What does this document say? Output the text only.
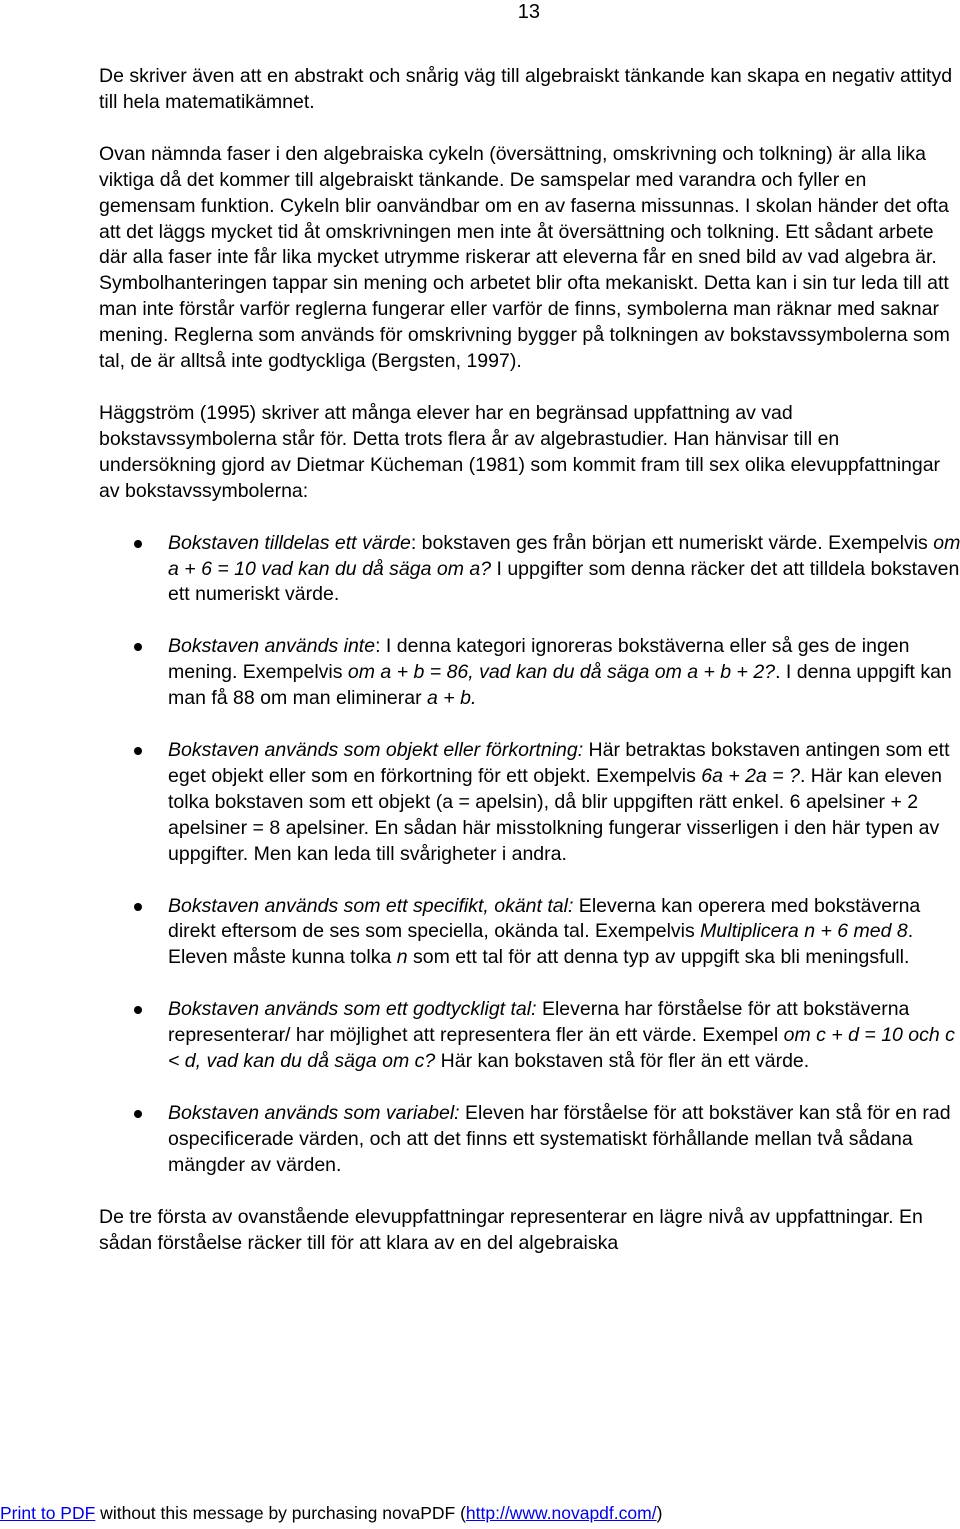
13

De skriver även att en abstrakt och snårig väg till algebraiskt tänkande kan skapa en negativ attityd till hela matematikämnet.

Ovan nämnda faser i den algebraiska cykeln (översättning, omskrivning och tolkning) är alla lika viktiga då det kommer till algebraiskt tänkande. De samspelar med varandra och fyller en gemensam funktion. Cykeln blir oanvändbar om en av faserna missunnas. I skolan händer det ofta att det läggs mycket tid åt omskrivningen men inte åt översättning och tolkning. Ett sådant arbete där alla faser inte får lika mycket utrymme riskerar att eleverna får en sned bild av vad algebra är. Symbolhanteringen tappar sin mening och arbetet blir ofta mekaniskt. Detta kan i sin tur leda till att man inte förstår varför reglerna fungerar eller varför de finns, symbolerna man räknar med saknar mening. Reglerna som används för omskrivning bygger på tolkningen av bokstavssymbolerna som tal, de är alltså inte godtyckliga (Bergsten, 1997).

Häggström (1995) skriver att många elever har en begränsad uppfattning av vad bokstavssymbolerna står för. Detta trots flera år av algebrastudier. Han hänvisar till en undersökning gjord av Dietmar Kücheman (1981) som kommit fram till sex olika elevuppfattningar av bokstavssymbolerna:

Bokstaven tilldelas ett värde: bokstaven ges från början ett numeriskt värde. Exempelvis om a + 6 = 10 vad kan du då säga om a? I uppgifter som denna räcker det att tilldela bokstaven ett numeriskt värde.
Bokstaven används inte: I denna kategori ignoreras bokstäverna eller så ges de ingen mening. Exempelvis om a + b = 86, vad kan du då säga om a + b + 2?. I denna uppgift kan man få 88 om man eliminerar a + b.
Bokstaven används som objekt eller förkortning: Här betraktas bokstaven antingen som ett eget objekt eller som en förkortning för ett objekt. Exempelvis 6a + 2a = ?. Här kan eleven tolka bokstaven som ett objekt (a = apelsin), då blir uppgiften rätt enkel. 6 apelsiner + 2 apelsiner = 8 apelsiner. En sådan här misstolkning fungerar visserligen i den här typen av uppgifter. Men kan leda till svårigheter i andra.
Bokstaven används som ett specifikt, okänt tal: Eleverna kan operera med bokstäverna direkt eftersom de ses som speciella, okända tal. Exempelvis Multiplicera n + 6 med 8. Eleven måste kunna tolka n som ett tal för att denna typ av uppgift ska bli meningsfull.
Bokstaven används som ett godtyckligt tal: Eleverna har förståelse för att bokstäverna representerar/ har möjlighet att representera fler än ett värde. Exempel om c + d = 10 och c < d, vad kan du då säga om c? Här kan bokstaven stå för fler än ett värde.
Bokstaven används som variabel: Eleven har förståelse för att bokstäver kan stå för en rad ospecificerade värden, och att det finns ett systematiskt förhållande mellan två sådana mängder av värden.

De tre första av ovanstående elevuppfattningar representerar en lägre nivå av uppfattningar. En sådan förståelse räcker till för att klara av en del algebraiska

Print to PDF without this message by purchasing novaPDF (http://www.novapdf.com/)
